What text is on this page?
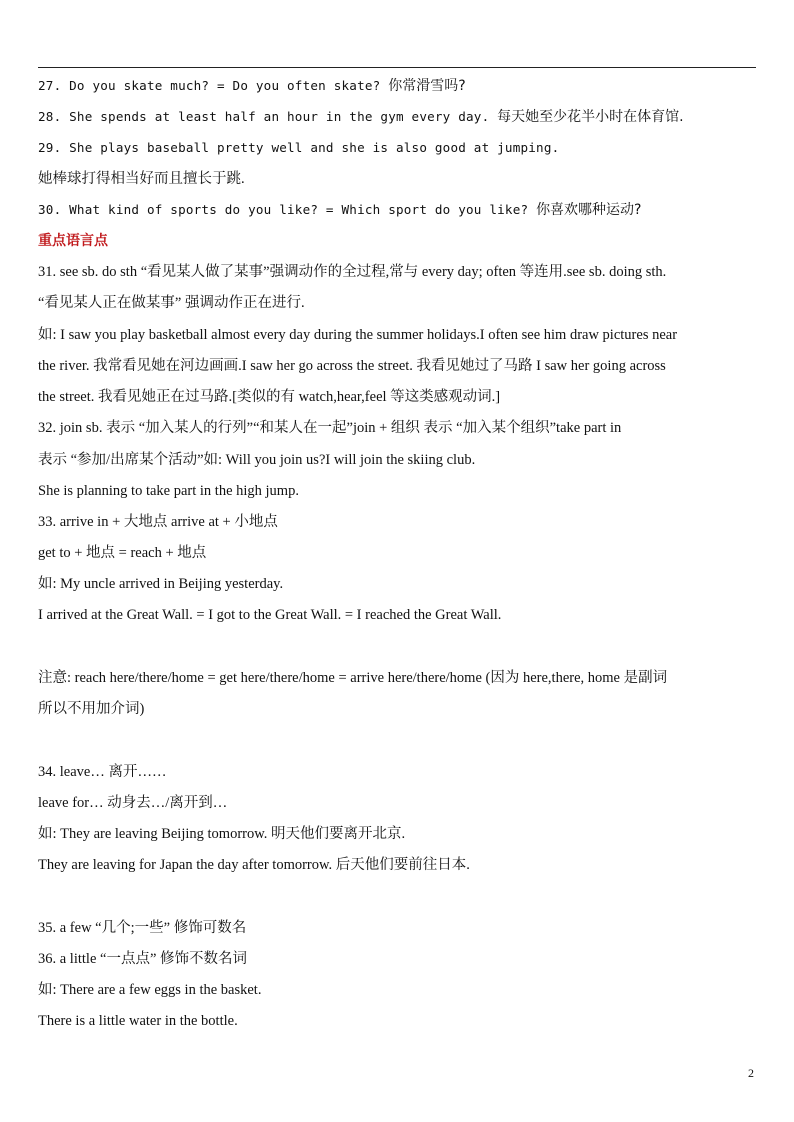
27. Do you skate much? = Do you often skate? 你常滑雪吗?
28. She spends at least half an hour in the gym every day. 每天她至少花半小时在体育馆.
29. She plays baseball pretty well and she is also good at jumping.
她棒球打得相当好而且擅长于跳.
30. What kind of sports do you like? = Which sport do you like? 你喜欢哪种运动?
重点语言点
31. see sb. do sth “看见某人做了某事”强调动作的全过程,常与 every day; often 等连用.see sb. doing sth.
“看见某人正在做某事” 强调动作正在进行.
如: I saw you play basketball almost every day during the summer holidays.I often see him draw pictures near
the river. 我常看见她在河边画画.I saw her go across the street. 我看见她过了马路 I saw her going across
the street. 我看见她正在过马路.[类似的有 watch,hear,feel 等这类感观动词.]
32. join sb. 表示 “加入某人的行列”“和某人在一起”join + 组织 表示 “加入某个组织”take part in
表示 “参加/出席某个活动”如: Will you join us?I will join the skiing club.
She is planning to take part in the high jump.
33. arrive in + 大地点 arrive at + 小地点
get to + 地点 = reach + 地点
如: My uncle arrived in Beijing yesterday.
I arrived at the Great Wall. = I got to the Great Wall. = I reached the Great Wall.
注意: reach here/there/home = get here/there/home = arrive here/there/home (因为 here,there, home 是副词
所以不用加介词)
34. leave… 离开……
leave for… 动身去…/离开到…
如: They are leaving Beijing tomorrow. 明天他们要离开北京.
They are leaving for Japan the day after tomorrow. 后天他们要前往日本.
35. a few “几个;一些” 修饰可数名
36. a little “一点点” 修饰不数名词
如: There are a few eggs in the basket.
There is a little water in the bottle.
2
